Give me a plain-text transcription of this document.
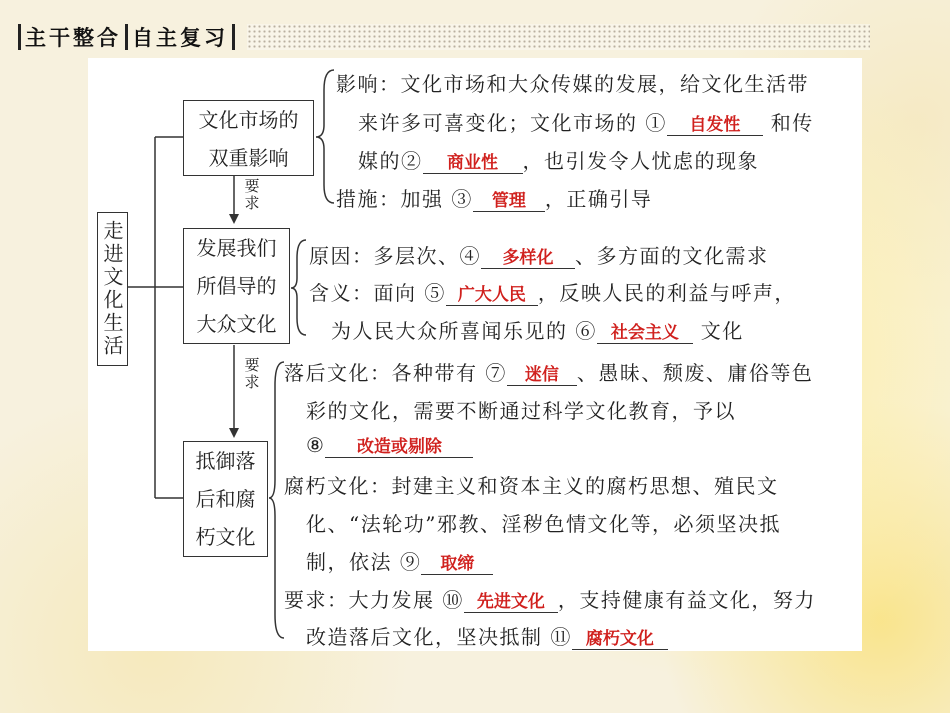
主干整合 自主复习
走进文化生活
文化市场的
双重影响
要求
发展我们
所倡导的
大众文化
要求
抵御落
后和腐
朽文化
影响：文化市场和大众传媒的发展，给文化生活带
来许多可喜变化；文化市场的 ① 自发性 和传
媒的② 商业性 ，也引发令人忧虑的现象
措施：加强 ③ 管理 ，正确引导
原因：多层次、④ 多样化 、多方面的文化需求
含义：面向 ⑤ 广大人民 ，反映人民的利益与呼声，
为人民大众所喜闻乐见的 ⑥ 社会主义 文化
落后文化：各种带有 ⑦ 迷信 、愚昧、颓废、庸俗等色
彩的文化，需要不断通过科学文化教育，予以
⑧ 改造或剔除
腐朽文化：封建主义和资本主义的腐朽思想、殖民文
化、“法轮功”邪教、淫秽色情文化等，必须坚决抵
制，依法 ⑨ 取缔
要求：大力发展 ⑩ 先进文化 ，支持健康有益文化，努力
改造落后文化，坚决抵制 ⑪ 腐朽文化
